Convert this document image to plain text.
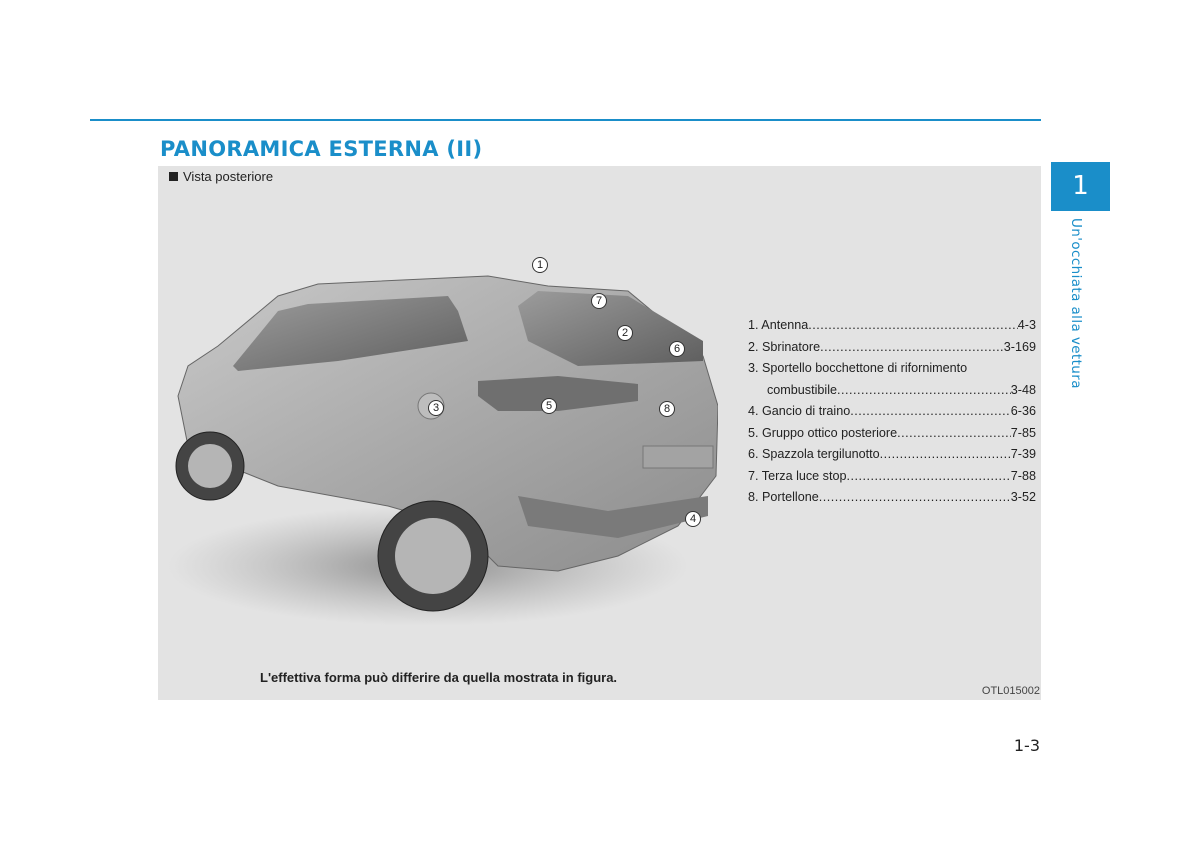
PANORAMICA ESTERNA (II)
1
Un'occhiata alla vettura
Vista posteriore
1
7
2
6
3	5	8
4
1. Antenna .....	4-3
2. Sbrinatore .....	3-169
3. Sportello bocchettone di rifornimento
combustibile .....	3-48
4. Gancio di traino .....	6-36
5. Gruppo ottico posteriore .....	7-85
6. Spazzola tergilunotto .....	7-39
7. Terza luce stop .....	7-88
8. Portellone .....	3-52
L'effettiva forma può differire da quella mostrata in figura.
OTL015002
1-3
